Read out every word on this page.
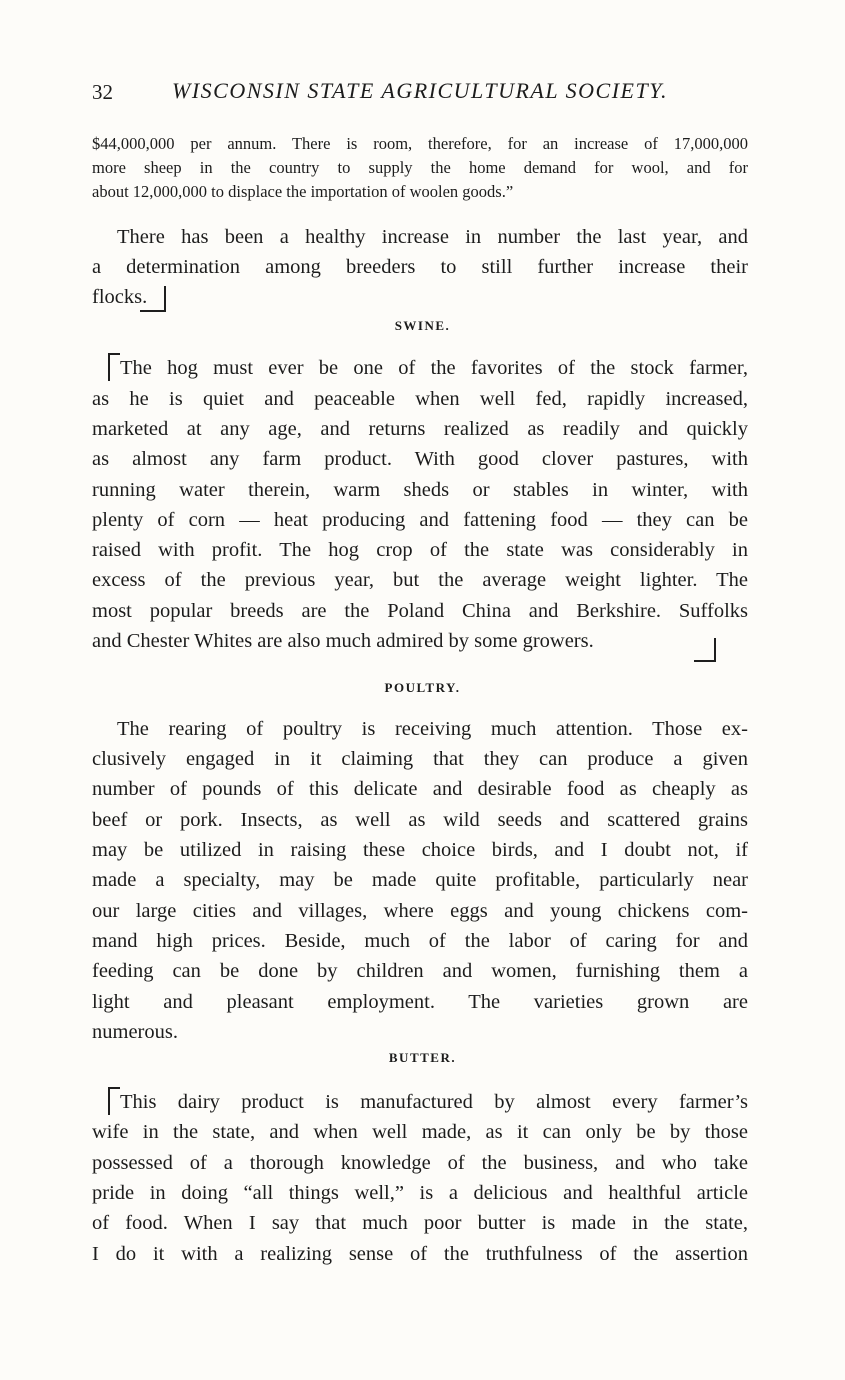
32	WISCONSIN STATE AGRICULTURAL SOCIETY.
$44,000,000 per annum. There is room, therefore, for an increase of 17,000,000
more sheep in the country to supply the home demand for wool, and for
about 12,000,000 to displace the importation of woolen goods.”
There has been a healthy increase in number the last year, and
a determination among breeders to still further increase their
flocks.
SWINE.
The hog must ever be one of the favorites of the stock farmer,
as he is quiet and peaceable when well fed, rapidly increased,
marketed at any age, and returns realized as readily and quickly
as almost any farm product. With good clover pastures, with
running water therein, warm sheds or stables in winter, with
plenty of corn — heat producing and fattening food — they can be
raised with profit. The hog crop of the state was considerably in
excess of the previous year, but the average weight lighter. The
most popular breeds are the Poland China and Berkshire. Suffolks
and Chester Whites are also much admired by some growers.
POULTRY.
The rearing of poultry is receiving much attention. Those ex-
clusively engaged in it claiming that they can produce a given
number of pounds of this delicate and desirable food as cheaply as
beef or pork. Insects, as well as wild seeds and scattered grains
may be utilized in raising these choice birds, and I doubt not, if
made a specialty, may be made quite profitable, particularly near
our large cities and villages, where eggs and young chickens com-
mand high prices. Beside, much of the labor of caring for and
feeding can be done by children and women, furnishing them a
light and pleasant employment. The varieties grown are
numerous.
BUTTER.
This dairy product is manufactured by almost every farmer’s
wife in the state, and when well made, as it can only be by those
possessed of a thorough knowledge of the business, and who take
pride in doing “all things well,” is a delicious and healthful article
of food. When I say that much poor butter is made in the state,
I do it with a realizing sense of the truthfulness of the assertion
